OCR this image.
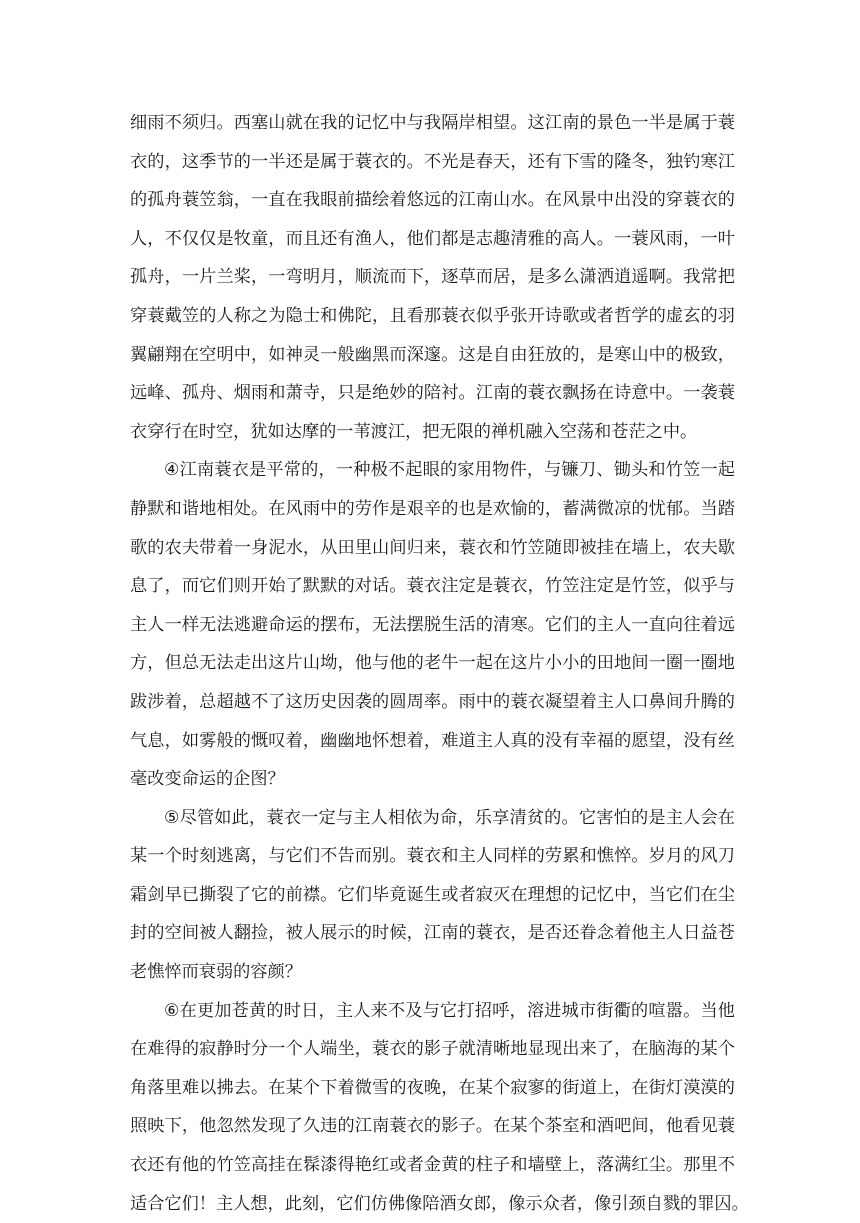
细雨不须归。西塞山就在我的记忆中与我隔岸相望。这江南的景色一半是属于蓑
衣的，这季节的一半还是属于蓑衣的。不光是春天，还有下雪的隆冬，独钓寒江
的孤舟蓑笠翁，一直在我眼前描绘着悠远的江南山水。在风景中出没的穿蓑衣的
人，不仅仅是牧童，而且还有渔人，他们都是志趣清雅的高人。一蓑风雨，一叶
孤舟，一片兰桨，一弯明月，顺流而下，逐草而居，是多么潇洒逍遥啊。我常把
穿蓑戴笠的人称之为隐士和佛陀，且看那蓑衣似乎张开诗歌或者哲学的虚玄的羽
翼翩翔在空明中，如神灵一般幽黑而深邃。这是自由狂放的，是寒山中的极致，
远峰、孤舟、烟雨和萧寺，只是绝妙的陪衬。江南的蓑衣飘扬在诗意中。一袭蓑
衣穿行在时空，犹如达摩的一苇渡江，把无限的禅机融入空荡和苍茫之中。
④江南蓑衣是平常的，一种极不起眼的家用物件，与镰刀、锄头和竹笠一起
静默和谐地相处。在风雨中的劳作是艰辛的也是欢愉的，蓄满微凉的忧郁。当踏
歌的农夫带着一身泥水，从田里山间归来，蓑衣和竹笠随即被挂在墙上，农夫歇
息了，而它们则开始了默默的对话。蓑衣注定是蓑衣，竹笠注定是竹笠，似乎与
主人一样无法逃避命运的摆布，无法摆脱生活的清寒。它们的主人一直向往着远
方，但总无法走出这片山坳，他与他的老牛一起在这片小小的田地间一圈一圈地
跋涉着，总超越不了这历史因袭的圆周率。雨中的蓑衣凝望着主人口鼻间升腾的
气息，如雾般的慨叹着，幽幽地怀想着，难道主人真的没有幸福的愿望，没有丝
毫改变命运的企图？
⑤尽管如此，蓑衣一定与主人相依为命，乐享清贫的。它害怕的是主人会在
某一个时刻逃离，与它们不告而别。蓑衣和主人同样的劳累和憔悴。岁月的风刀
霜剑早已撕裂了它的前襟。它们毕竟诞生或者寂灭在理想的记忆中，当它们在尘
封的空间被人翻捡，被人展示的时候，江南的蓑衣，是否还眷念着他主人日益苍
老憔悴而衰弱的容颜？
⑥在更加苍黄的时日，主人来不及与它打招呼，溶进城市街衢的喧嚣。当他
在难得的寂静时分一个人端坐，蓑衣的影子就清晰地显现出来了，在脑海的某个
角落里难以拂去。在某个下着微雪的夜晚，在某个寂寥的街道上，在街灯漠漠的
照映下，他忽然发现了久违的江南蓑衣的影子。在某个茶室和酒吧间，他看见蓑
衣还有他的竹笠高挂在髹漆得艳红或者金黄的柱子和墙壁上，落满红尘。那里不
适合它们！主人想，此刻，它们仿佛像陪酒女郎，像示众者，像引颈自戮的罪囚。
